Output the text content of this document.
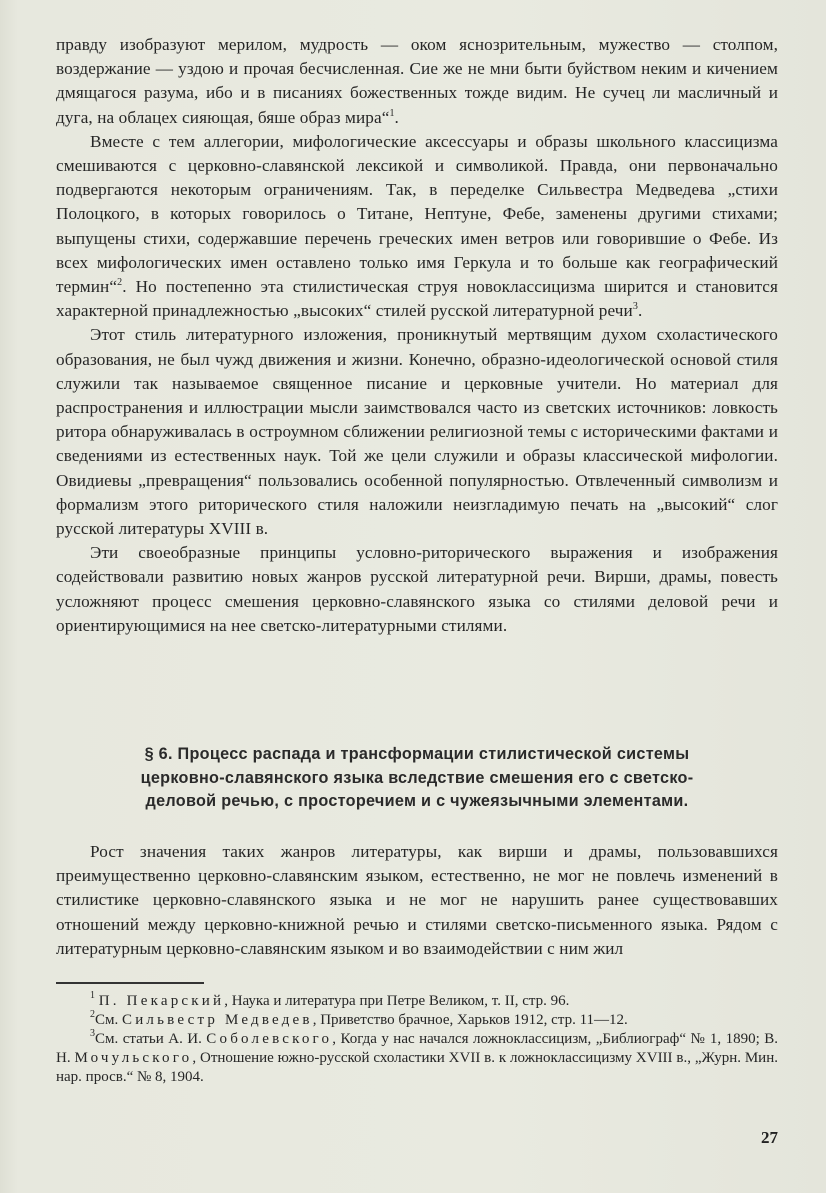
правду изобразуют мерилом, мудрость — оком яснозрительным, мужество — столпом, воздержание — уздою и прочая бесчисленная. Сие же не мни быти буйством неким и кичением дмящагося разума, ибо и в писаниях божественных тожде видим. Не сучец ли масличный и дуга, на облацех сияющая, бяше образ мира“$^1$.

Вместе с тем аллегории, мифологические аксессуары и образы школьного классицизма смешиваются с церковно-славянской лексикой и символикой. Правда, они первоначально подвергаются некоторым ограничениям. Так, в переделке Сильвестра Медведева „стихи Полоцкого, в которых говорилось о Титане, Нептуне, Фебе, заменены другими стихами; выпущены стихи, содержавшие перечень греческих имен ветров или говорившие о Фебе. Из всех мифологических имен оставлено только имя Геркула и то больше как географический термин“$^2$. Но постепенно эта стилистическая струя новоклассицизма ширится и становится характерной принадлежностью „высоких“ стилей русской литературной речи$^3$.

Этот стиль литературного изложения, проникнутый мертвящим духом схоластического образования, не был чужд движения и жизни. Конечно, образно-идеологической основой стиля служили так называемое священное писание и церковные учители. Но материал для распространения и иллюстрации мысли заимствовался часто из светских источников: ловкость ритора обнаруживалась в остроумном сближении религиозной темы с историческими фактами и сведениями из естественных наук. Той же цели служили и образы классической мифологии. Овидиевы „превращения“ пользовались особенной популярностью. Отвлеченный символизм и формализм этого риторического стиля наложили неизгладимую печать на „высокий“ слог русской литературы XVIII в.

Эти своеобразные принципы условно-риторического выражения и изображения содействовали развитию новых жанров русской литературной речи. Вирши, драмы, повесть усложняют процесс смешения церковно-славянского языка со стилями деловой речи и ориентирующимися на нее светско-литературными стилями.

§ 6. Процесс распада и трансформации стилистической системы
церковно-славянского языка вследствие смешения его с светско-
деловой речью, с просторечием и с чужеязычными элементами.

Рост значения таких жанров литературы, как вирши и драмы, пользовавшихся преимущественно церковно-славянским языком, естественно, не мог не повлечь изменений в стилистике церковно-славянского языка и не мог не нарушить ранее существовавших отношений между церковно-книжной речью и стилями светско-письменного языка. Рядом с литературным церковно-славянским языком и во взаимодействии с ним жил

$^1$ П. Пекарский, Наука и литература при Петре Великом, т. II, стр. 96.

$^2$См. Сильвестр Медведев, Приветство брачное, Харьков 1912, стр. 11—12.

$^3$См. статьи А. И. Соболевского, Когда у нас начался ложноклассицизм, „Библиограф“ № 1, 1890; В. Н. Мочульского, Отношение южно-русской схоластики XVII в. к ложноклассицизму XVIII в., „Журн. Мин. нар. просв.“ № 8, 1904.

27
